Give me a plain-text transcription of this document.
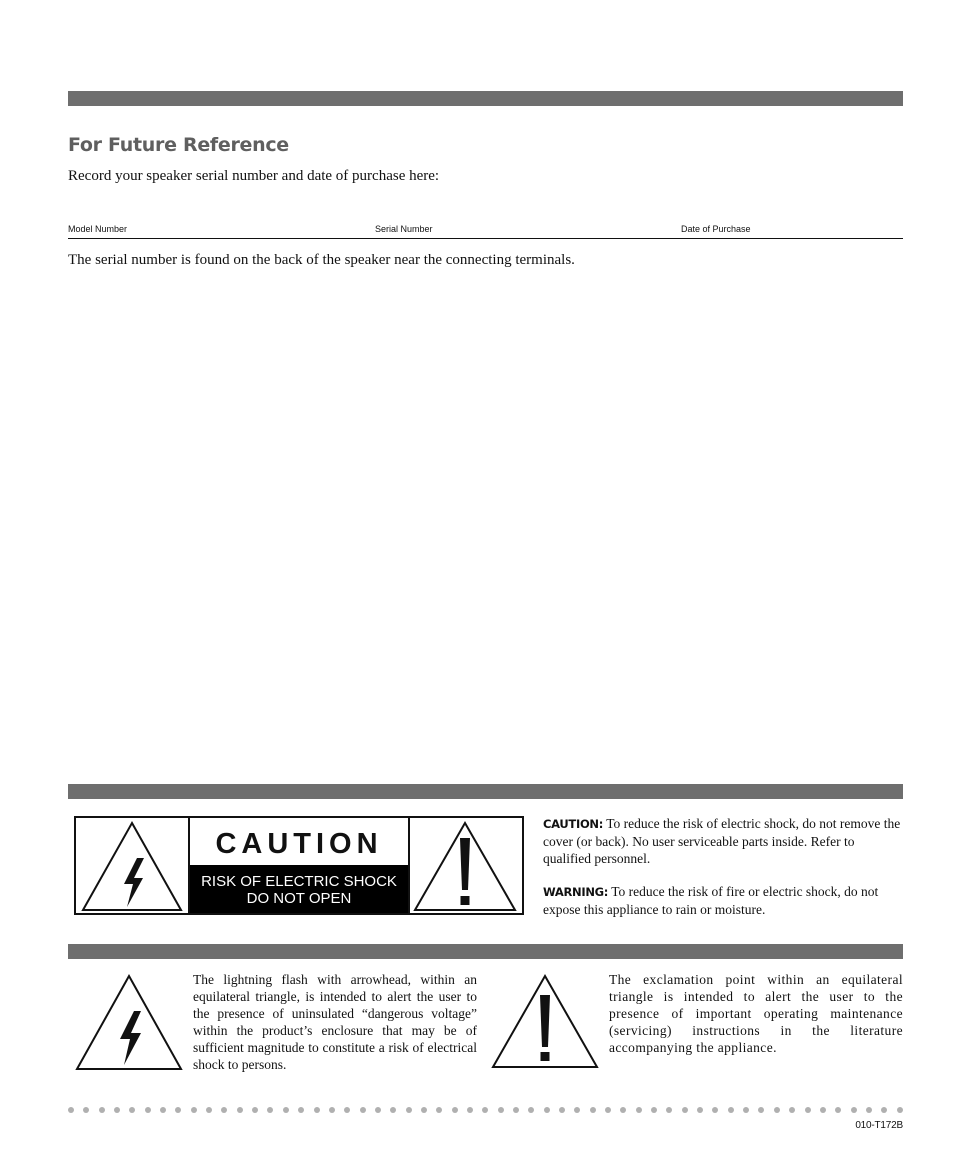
For Future Reference
Record your speaker serial number and date of purchase here:
Model Number	Serial Number	Date of Purchase
The serial number is found on the back of the speaker near the connecting terminals.
CAUTION
RISK OF ELECTRIC SHOCK
DO NOT OPEN

CAUTION: To reduce the risk of electric shock, do not remove the cover (or back). No user serviceable parts inside. Refer to qualified personnel.

WARNING: To reduce the risk of fire or electric shock, do not expose this appliance to rain or moisture.

The lightning flash with arrowhead, within an equilateral triangle, is intended to alert the user to the presence of uninsulated “dangerous voltage” within the product’s enclosure that may be of sufficient magnitude to constitute a risk of electrical shock to persons.

The exclamation point within an equilateral triangle is intended to alert the user to the presence of important operating maintenance (servicing) instructions in the literature accompanying the appliance.

010-T172B
